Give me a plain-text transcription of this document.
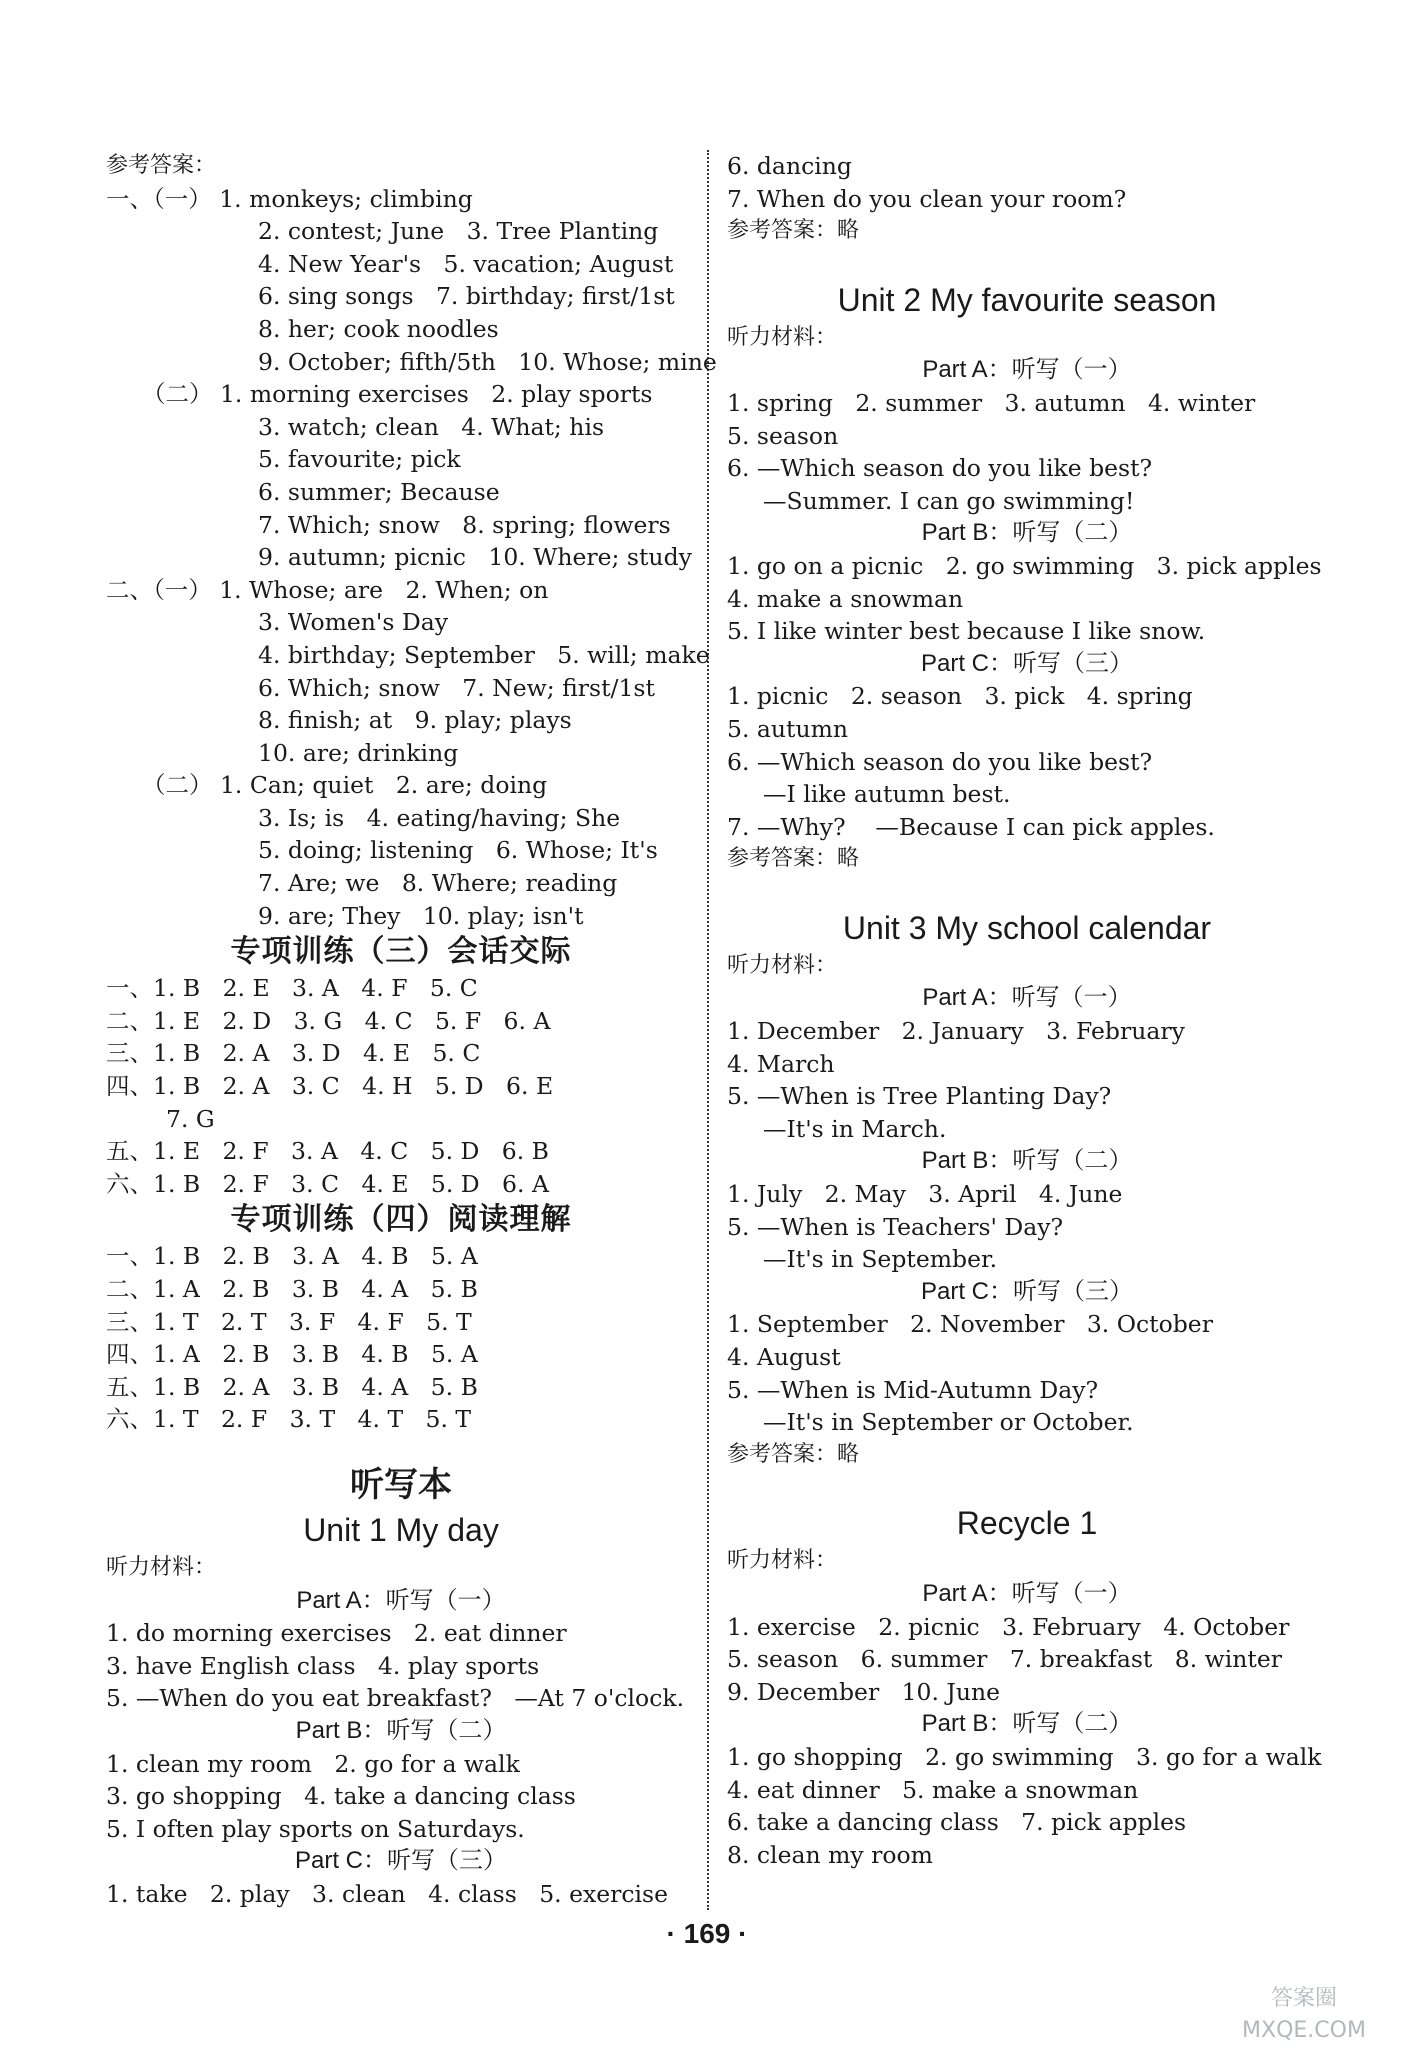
参考答案：
一、（一） 1. monkeys; climbing
2. contest; June   3. Tree Planting
4. New Year's   5. vacation; August
6. sing songs   7. birthday; first/1st
8. her; cook noodles
9. October; fifth/5th   10. Whose; mine
（二） 1. morning exercises   2. play sports
3. watch; clean   4. What; his
5. favourite; pick
6. summer; Because
7. Which; snow   8. spring; flowers
9. autumn; picnic   10. Where; study
二、（一） 1. Whose; are   2. When; on
3. Women's Day
4. birthday; September   5. will; make
6. Which; snow   7. New; first/1st
8. finish; at   9. play; plays
10. are; drinking
（二） 1. Can; quiet   2. are; doing
3. Is; is   4. eating/having; She
5. doing; listening   6. Whose; It's
7. Are; we   8. Where; reading
9. are; They   10. play; isn't
专项训练（三）会话交际
一、1. B   2. E   3. A   4. F   5. C
二、1. E   2. D   3. G   4. C   5. F   6. A
三、1. B   2. A   3. D   4. E   5. C
四、1. B   2. A   3. C   4. H   5. D   6. E
7. G
五、1. E   2. F   3. A   4. C   5. D   6. B
六、1. B   2. F   3. C   4. E   5. D   6. A
专项训练（四）阅读理解
一、1. B   2. B   3. A   4. B   5. A
二、1. A   2. B   3. B   4. A   5. B
三、1. T   2. T   3. F   4. F   5. T
四、1. A   2. B   3. B   4. B   5. A
五、1. B   2. A   3. B   4. A   5. B
六、1. T   2. F   3. T   4. T   5. T
听写本
Unit 1 My day
听力材料：
Part A：听写（一）
1. do morning exercises   2. eat dinner
3. have English class   4. play sports
5. —When do you eat breakfast?   —At 7 o'clock.
Part B：听写（二）
1. clean my room   2. go for a walk
3. go shopping   4. take a dancing class
5. I often play sports on Saturdays.
Part C：听写（三）
1. take   2. play   3. clean   4. class   5. exercise
6. dancing
7. When do you clean your room?
参考答案：略
Unit 2 My favourite season
听力材料：
Part A：听写（一）
1. spring   2. summer   3. autumn   4. winter
5. season
6. —Which season do you like best?
—Summer. I can go swimming!
Part B：听写（二）
1. go on a picnic   2. go swimming   3. pick apples
4. make a snowman
5. I like winter best because I like snow.
Part C：听写（三）
1. picnic   2. season   3. pick   4. spring
5. autumn
6. —Which season do you like best?
—I like autumn best.
7. —Why?    —Because I can pick apples.
参考答案：略
Unit 3 My school calendar
听力材料：
Part A：听写（一）
1. December   2. January   3. February
4. March
5. —When is Tree Planting Day?
—It's in March.
Part B：听写（二）
1. July   2. May   3. April   4. June
5. —When is Teachers' Day?
—It's in September.
Part C：听写（三）
1. September   2. November   3. October
4. August
5. —When is Mid-Autumn Day?
—It's in September or October.
参考答案：略
Recycle 1
听力材料：
Part A：听写（一）
1. exercise   2. picnic   3. February   4. October
5. season   6. summer   7. breakfast   8. winter
9. December   10. June
Part B：听写（二）
1. go shopping   2. go swimming   3. go for a walk
4. eat dinner   5. make a snowman
6. take a dancing class   7. pick apples
8. clean my room
· 169 ·
答案圈
MXQE.COM
